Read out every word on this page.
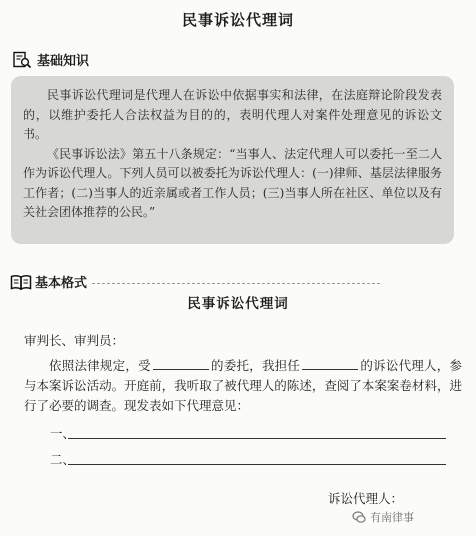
民事诉讼代理词
基础知识

民事诉讼代理词是代理人在诉讼中依据事实和法律，在法庭辩论阶段发表的，以维护委托人合法权益为目的的，表明代理人对案件处理意见的诉讼文书。

《民事诉讼法》第五十八条规定：“当事人、法定代理人可以委托一至二人作为诉讼代理人。下列人员可以被委托为诉讼代理人：(一)律师、基层法律服务工作者；(二)当事人的近亲属或者工作人员；(三)当事人所在社区、单位以及有关社会团体推荐的公民。”

基本格式
民事诉讼代理词
审判长、审判员：

依照法律规定，受	的委托，我担任	的诉讼代理人，参与本案诉讼活动。开庭前，我听取了被代理人的陈述，查阅了本案案卷材料，进行了必要的调查。现发表如下代理意见：

一、
二、
诉讼代理人：
有南律事
